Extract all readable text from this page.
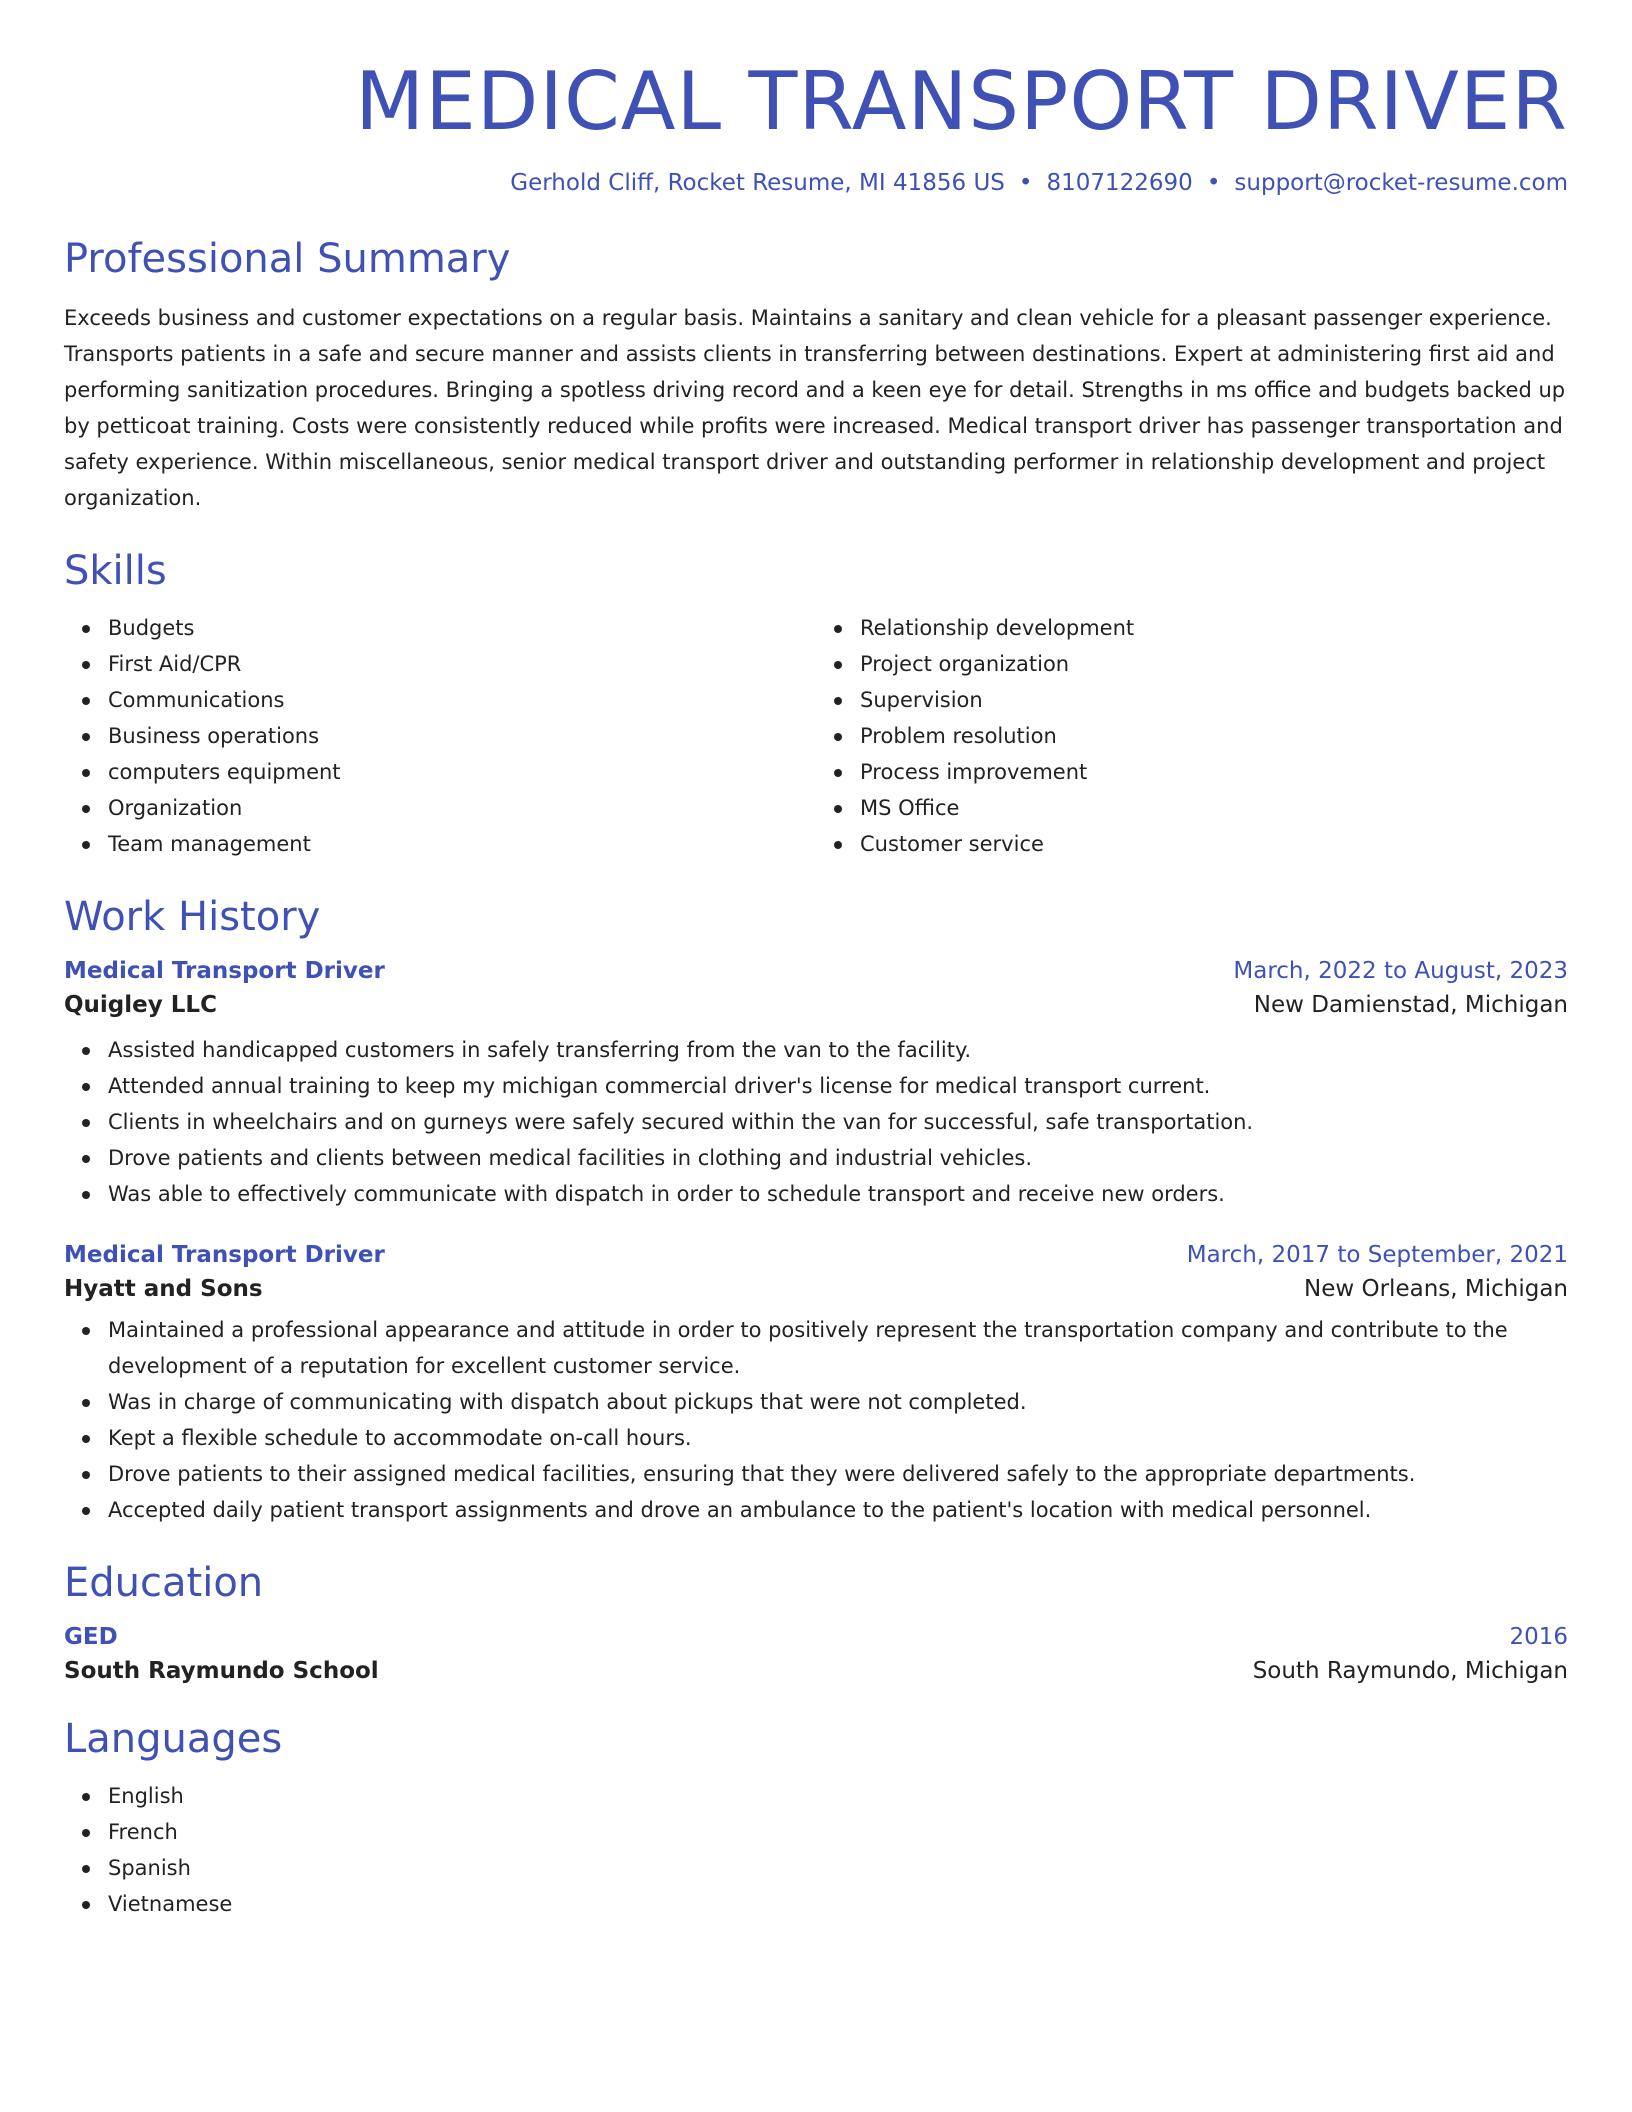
MEDICAL TRANSPORT DRIVER
Gerhold Cliff, Rocket Resume, MI 41856 US • 8107122690 • support@rocket-resume.com
Professional Summary

Exceeds business and customer expectations on a regular basis. Maintains a sanitary and clean vehicle for a pleasant passenger experience. Transports patients in a safe and secure manner and assists clients in transferring between destinations. Expert at administering first aid and performing sanitization procedures. Bringing a spotless driving record and a keen eye for detail. Strengths in ms office and budgets backed up by petticoat training. Costs were consistently reduced while profits were increased. Medical transport driver has passenger transportation and safety experience. Within miscellaneous, senior medical transport driver and outstanding performer in relationship development and project organization.

Skills
Budgets
First Aid/CPR
Communications
Business operations
computers equipment
Organization
Team management
Relationship development
Project organization
Supervision
Problem resolution
Process improvement
MS Office
Customer service
Work History
Medical Transport Driver	March, 2022 to August, 2023
Quigley LLC	New Damienstad, Michigan
Assisted handicapped customers in safely transferring from the van to the facility.
Attended annual training to keep my michigan commercial driver's license for medical transport current.
Clients in wheelchairs and on gurneys were safely secured within the van for successful, safe transportation.
Drove patients and clients between medical facilities in clothing and industrial vehicles.
Was able to effectively communicate with dispatch in order to schedule transport and receive new orders.
Medical Transport Driver	March, 2017 to September, 2021
Hyatt and Sons	New Orleans, Michigan
Maintained a professional appearance and attitude in order to positively represent the transportation company and contribute to the development of a reputation for excellent customer service.
Was in charge of communicating with dispatch about pickups that were not completed.
Kept a flexible schedule to accommodate on-call hours.
Drove patients to their assigned medical facilities, ensuring that they were delivered safely to the appropriate departments.
Accepted daily patient transport assignments and drove an ambulance to the patient's location with medical personnel.
Education
GED	2016
South Raymundo School	South Raymundo, Michigan
Languages
English
French
Spanish
Vietnamese
